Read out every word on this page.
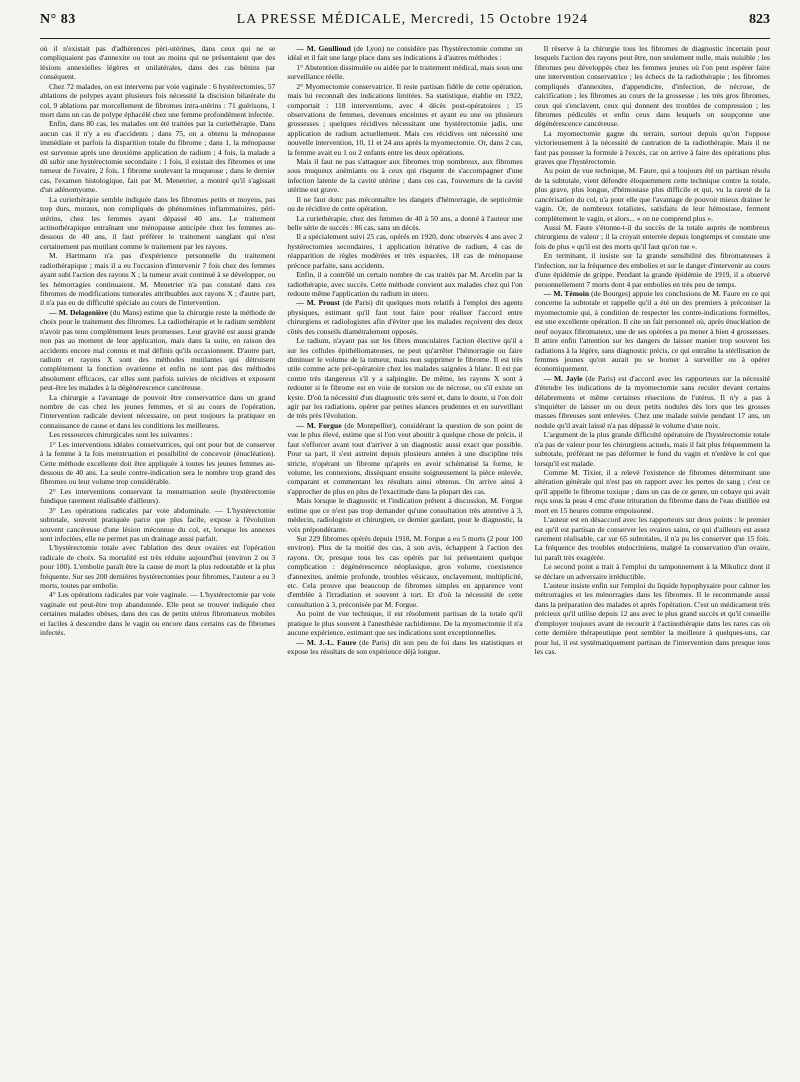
N° 83	LA PRESSE MÉDICALE, Mercredi, 15 Octobre 1924	823

où il n'existait pas d'adhérences péri-utérines, dans ceux qui ne se compliquaient pas d'annexite ou tout au moins qui ne présentaient que des lésions annexielles légères et unilatérales, dans des cas bénins par conséquent.

Chez 72 malades, on est intervenu par voie vaginale : 6 hystérectomies, 57 ablations de polypes ayant plusieurs fois nécessité la discision bilatérale du col, 9 ablations par morcellement de fibromes intra-utérins : 71 guérisons, 1 mort dans un cas de polype éphacélé chez une femme profondément infectée.

Enfin, dans 80 cas, les malades ont été traitées par la curiethérapie. Dans aucun cas il n'y a eu d'accidents ; dans 75, on a obtenu la ménopause immédiate et parfois la disparition totale du fibrome ; dans 1, la ménopause est survenue après une deuxième application de radium ; 4 fois, la malade a dû subir une hystérectomie secondaire : 1 fois, il existait des fibromes et une tumeur de l'ovaire, 2 fois, 1 fibrome soulevant la muqueuse ; dans le dernier cas, l'examen histologique, fait par M. Menetrier, a montré qu'il s'agissait d'un adénomyome.

La curiethérapie semble indiquée dans les fibromes petits et moyens, pas trop durs, muraux, non compliqués de phénomènes inflammatoires, péri-utérins, chez les femmes ayant dépassé 40 ans. Le traitement actinothérapique entraînant une ménopause anticipée chez les femmes au-dessous de 40 ans, il faut préférer le traitement sanglant qui n'est certainement pas mutilant comme le traitement par les rayons.

M. Hartmann n'a pas d'expérience personnelle du traitement radiothérapique ; mais il a eu l'occasion d'intervenir 7 fois chez des femmes ayant subi l'action des rayons X ; la tumeur avait continué à se développer, ou les hémorragies continuaient. M. Menetrier n'a pas constaté dans ces fibromes de modifications tumorales attribuables aux rayons X ; d'autre part, il n'a pas eu de difficulté spéciale au cours de l'intervention.

— M. Delagenière (du Mans) estime que la chirurgie reste la méthode de choix pour le traitement des fibromes. La radiothérapie et le radium semblent n'avoir pas tenu complètement leurs promesses. Leur gravité est aussi grande non pas au moment de leur application, mais dans la suite, en raison des accidents encore mal connus et mal définis qu'ils occasionnent. D'autre part, radium et rayons X sont des méthodes mutilantes qui détruisent complètement la fonction ovarienne et enfin ne sont pas des méthodes absolument efficaces, car elles sont parfois suivies de récidives et exposent peut-être les malades à la dégénérescence cancéreuse.

La chirurgie a l'avantage de pouvoir être conservatrice dans un grand nombre de cas chez les jeunes femmes, et si au cours de l'opération, l'intervention radicale devient nécessaire, on peut toujours la pratiquer en connaissance de cause et dans les conditions les meilleures.

Les ressources chirurgicales sont les suivantes :

1° Les interventions idéales conservatrices, qui ont pour but de conserver à la femme à la fois menstruation et possibilité de concevoir (énucléation). Cette méthode excellente doit être appliquée à toutes les jeunes femmes au-dessous de 40 ans. La seule contre-indication sera le nombre trop grand des fibromes ou leur volume trop considérable.

2° Les interventions conservant la menstruation seule (hystérectomie fundique rarement réalisable d'ailleurs).

3° Les opérations radicales par voie abdominale. — L'hystérectomie subtotale, souvent pratiquée parce que plus facile, expose à l'évolution souvent cancéreuse d'une lésion méconnue du col, et, lorsque les annexes sont infectées, elle ne permet pas un drainage aussi parfait.

L'hystérectomie totale avec l'ablation des deux ovaires est l'opération radicale de choix. Sa mortalité est très réduite aujourd'hui (environ 2 ou 3 pour 100). L'embolie paraît être la cause de mort la plus redoutable et la plus fréquente. Sur ses 200 dernières hystérectomies pour fibromes, l'auteur a eu 3 morts, toutes par embolie.

4° Les opérations radicales par voie vaginale. — L'hystérectomie par voie vaginale est peut-être trop abandonnée. Elle peut se trouver indiquée chez certaines malades obèses, dans des cas de petits utérus fibromateux mobiles et faciles à descendre dans le vagin ou encore dans certains cas de fibromes infectés.

— M. Goullioud (de Lyon) ne considère pas l'hystérectomie comme un idéal et il fait une large place dans ses indications à d'autres méthodes :

1° Abstention dissimulée ou aidée par le traitement médical, mais sous une surveillance réelle.

2° Myomectomie conservatrice. Il reste partisan fidèle de cette opération, mais lui reconnaît des indications limitées. Sa statistique, établie en 1922, comportait : 118 interventions, avec 4 décès post-opératoires ; 15 observations de femmes, devenues enceintes et ayant eu une ou plusieurs grossesses ; quelques récidives nécessitant une hystérectomie jadis, une application de radium actuellement. Mais ces récidives ont nécessité une nouvelle intervention, 10, 11 et 24 ans après la myomectomie. Or, dans 2 cas, la femme avait eu 1 ou 2 enfants entre les deux opérations.

Mais il faut ne pas s'attaquer aux fibromes trop nombreux, aux fibromes sous muqueux anémiants ou à ceux qui risquent de s'accompagner d'une infection latente de la cavité utérine ; dans ces cas, l'ouverture de la cavité utérine est grave.

Il ne faut donc pas méconnaître les dangers d'hémorragie, de septicémie ou de récidive de cette opération.

La curiethérapie, chez des femmes de 40 à 50 ans, a donné à l'auteur une belle série de succès : 86 cas, sans un décès.

Il a spécialement suivi 25 cas, opérés en 1920, donc observés 4 ans avec 2 hystérectomies secondaires, 1 application itérative de radium, 4 cas de réapparition de règles modérées et très espacées, 18 cas de ménopause précoce parfaite, sans accidents.

Enfin, il a contrôlé un certain nombre de cas traités par M. Arcelin par la radiothérapie, avec succès. Cette méthode convient aux malades chez qui l'on redoute même l'application du radium in utero.

— M. Proust (de Paris) dit quelques mots relatifs à l'emploi des agents physiques, estimant qu'il faut tout faire pour réaliser l'accord entre chirurgiens et radiologistes afin d'éviter que les malades reçoivent des deux côtés des conseils diamétralement opposés.

Le radium, n'ayant pas sur les fibres musculaires l'action élective qu'il a sur les cellules épithéliomateuses, ne peut qu'arrêter l'hémorragie ou faire diminuer le volume de la tumeur, mais non supprimer le fibrome. Il est très utile comme acte pré-opératoire chez les malades saignées à blanc. Il est par contre très dangereux s'il y a salpingite. De même, les rayons X sont à redouter si le fibrome est en voie de torsion ou de nécrose, ou s'il existe un kyste. D'où la nécessité d'un diagnostic très serré et, dans le doute, si l'on doit agir par les radiations, opérer par petites séances prudentes et en surveillant de très près l'évolution.

— M. Forgue (de Montpellier), considérant la question de son point de vue le plus élevé, estime que si l'on veut aboutir à quelque chose de précis, il faut s'efforcer avant tout d'arriver à un diagnostic aussi exact que possible. Pour sa part, il s'est astreint depuis plusieurs années à une discipline très stricte, n'opérant un fibrome qu'après en avoir schématisé la forme, le volume, les connexions, dissèquant ensuite soigneusement la pièce enlevée, comparant et commentant les résultats ainsi obtenus. On arrive ainsi à s'approcher de plus en plus de l'exactitude dans la plupart des cas.

Mais lorsque le diagnostic et l'indication prêtent à discussion, M. Forgue estime que ce n'est pas trop demander qu'une consultation très attentive à 3, médecin, radiologiste et chirurgien, ce dernier gardant, pour le diagnostic, la voix prépondérante.

Sur 229 fibromes opérés depuis 1918, M. Forgue a eu 5 morts (2 pour 100 environ). Plus de la moitié des cas, à son avis, échappent à l'action des rayons. Or, presque tous les cas opérés par lui présentaient quelque complication : dégénérescence néoplasique, gros volume, coexistence d'annexites, anémie profonde, troubles vésicaux, enclavement, multiplicité, etc. Cela prouve que beaucoup de fibromes simples en apparence vont d'emblée à l'irradiation et souvent à tort. Et d'où la nécessité de cette consultation à 3, préconisée par M. Forgue.

Au point de vue technique, il est résolument partisan de la totale qu'il pratique le plus souvent à l'anesthésie rachidienne. De la myomectomie il n'a aucune expérience, estimant que ses indications sont exceptionnelles.

— M. J.-L. Faure (de Paris) dit son peu de foi dans les statistiques et expose les résultats de son expérience déjà longue.

Il réserve à la chirurgie tous les fibromes de diagnostic incertain pour lesquels l'action des rayons peut être, non seulement nulle, mais nuisible ; les fibromes peu développés chez les femmes jeunes où l'on peut espérer faire une intervention conservatrice ; les échecs de la radiothérapie ; les fibromes compliqués d'annexites, d'appendicite, d'infection, de nécrose, de calcification ; les fibromes au cours de la grossesse ; les très gros fibromes, ceux qui s'enclavent, ceux qui donnent des troubles de compression ; les fibromes pédiculés et enfin ceux dans lesquels on soupçonne une dégénérescence cancéreuse.

La myomectomie gagne du terrain, surtout depuis qu'on l'oppose victorieusement à la nécessité de castration de la radiothérapie. Mais il ne faut pas pousser la formule à l'excès, car on arrive à faire des opérations plus graves que l'hystérectomie.

Au point de vue technique, M. Faure, qui a toujours été un partisan résolu de la subtotale, vient défendre éloquemment cette technique contre la totale, plus grave, plus longue, d'hémostase plus difficile et qui, vu la rareté de la cancérisation du col, n'a pour elle que l'avantage de pouvoir mieux drainer le vagin. Or, de nombreux totalistes, satisfaits de leur hémostase, ferment complètement le vagin, et alors... « on ne comprend plus ».

Aussi M. Faure s'étonne-t-il du succès de la totale auprès de nombreux chirurgiens de valeur ; il la croyait enterrée depuis longtemps et constate une fois de plus « qu'il est des morts qu'il faut qu'on tue ».

En terminant, il insiste sur la grande sensibilité des fibromateuses à l'infection, sur la fréquence des embolies et sur le danger d'intervenir au cours d'une épidémie de grippe. Pendant la grande épidémie de 1919, il a observé personnellement 7 morts dont 4 par embolies en très peu de temps.

— M. Témoin (de Bourges) appuie les conclusions de M. Faure en ce qui concerne la subtotale et rappelle qu'il a été un des premiers à préconiser la myomectomie qui, à condition de respecter les contre-indications formelles, est une excellente opération. Il cite un fait personnel où, après énucléation de neuf noyaux fibromateux, une de ses opérées a pu mener à bien 4 grossesses. Il attire enfin l'attention sur les dangers de laisser manier trop souvent les radiations à la légère, sans diagnostic précis, ce qui entraîne la stérilisation de femmes jeunes qu'on aurait pu se borner à surveiller ou à opérer économiquement.

— M. Jayle (de Paris) est d'accord avec les rapporteurs sur la nécessité d'étendre les indications de la myomectomie sans reculer devant certains délabrements et même certaines résections de l'utérus. Il n'y a pas à s'inquiéter de laisser un ou deux petits nodules dès lors que les grosses masses fibreuses sont enlevées. Chez une malade suivie pendant 17 ans, un nodule qu'il avait laissé n'a pas dépassé le volume d'une noix.

L'argument de la plus grande difficulté opératoire de l'hystérectomie totale n'a pas de valeur pour les chirurgiens actuels, mais il fait plus fréquemment la subtotale, préférant ne pas déformer le fond du vagin et n'enlève le col que lorsqu'il est malade.

Comme M. Tixier, il a relevé l'existence de fibromes déterminant une altération générale qui n'est pas en rapport avec les pertes de sang ; c'est ce qu'il appelle le fibrome toxique ; dans un cas de ce genre, un cobaye qui avait reçu sous la peau 4 cmc d'une trituration du fibrome dans de l'eau distillée est mort en 15 heures comme empoisonné.

L'auteur est en désaccord avec les rapporteurs sur deux points : le premier est qu'il est partisan de conserver les ovaires sains, ce qui d'ailleurs est assez rarement réalisable, car sur 65 subtotales, il n'a pu les conserver que 15 fois. La fréquence des troubles endocriniens, malgré la conservation d'un ovaire, lui paraît très exagérée.

Le second point a trait à l'emploi du tamponnement à la Mikulicz dont il se déclare un adversaire irréductible.

L'auteur insiste enfin sur l'emploi du liquide hypophysaire pour calmer les métrorragies et les ménorragies dans les fibromes. Il le recommande aussi dans la préparation des malades et après l'opération. C'est un médicament très précieux qu'il utilise depuis 12 ans avec le plus grand succès et qu'il conseille d'employer toujours avant de recourir à l'actinothérapie dans les rares cas où cette dernière thérapeutique peut sembler la meilleure à quelques-uns, car pour lui, il est systématiquement partisan de l'intervention dans presque tous les cas.
